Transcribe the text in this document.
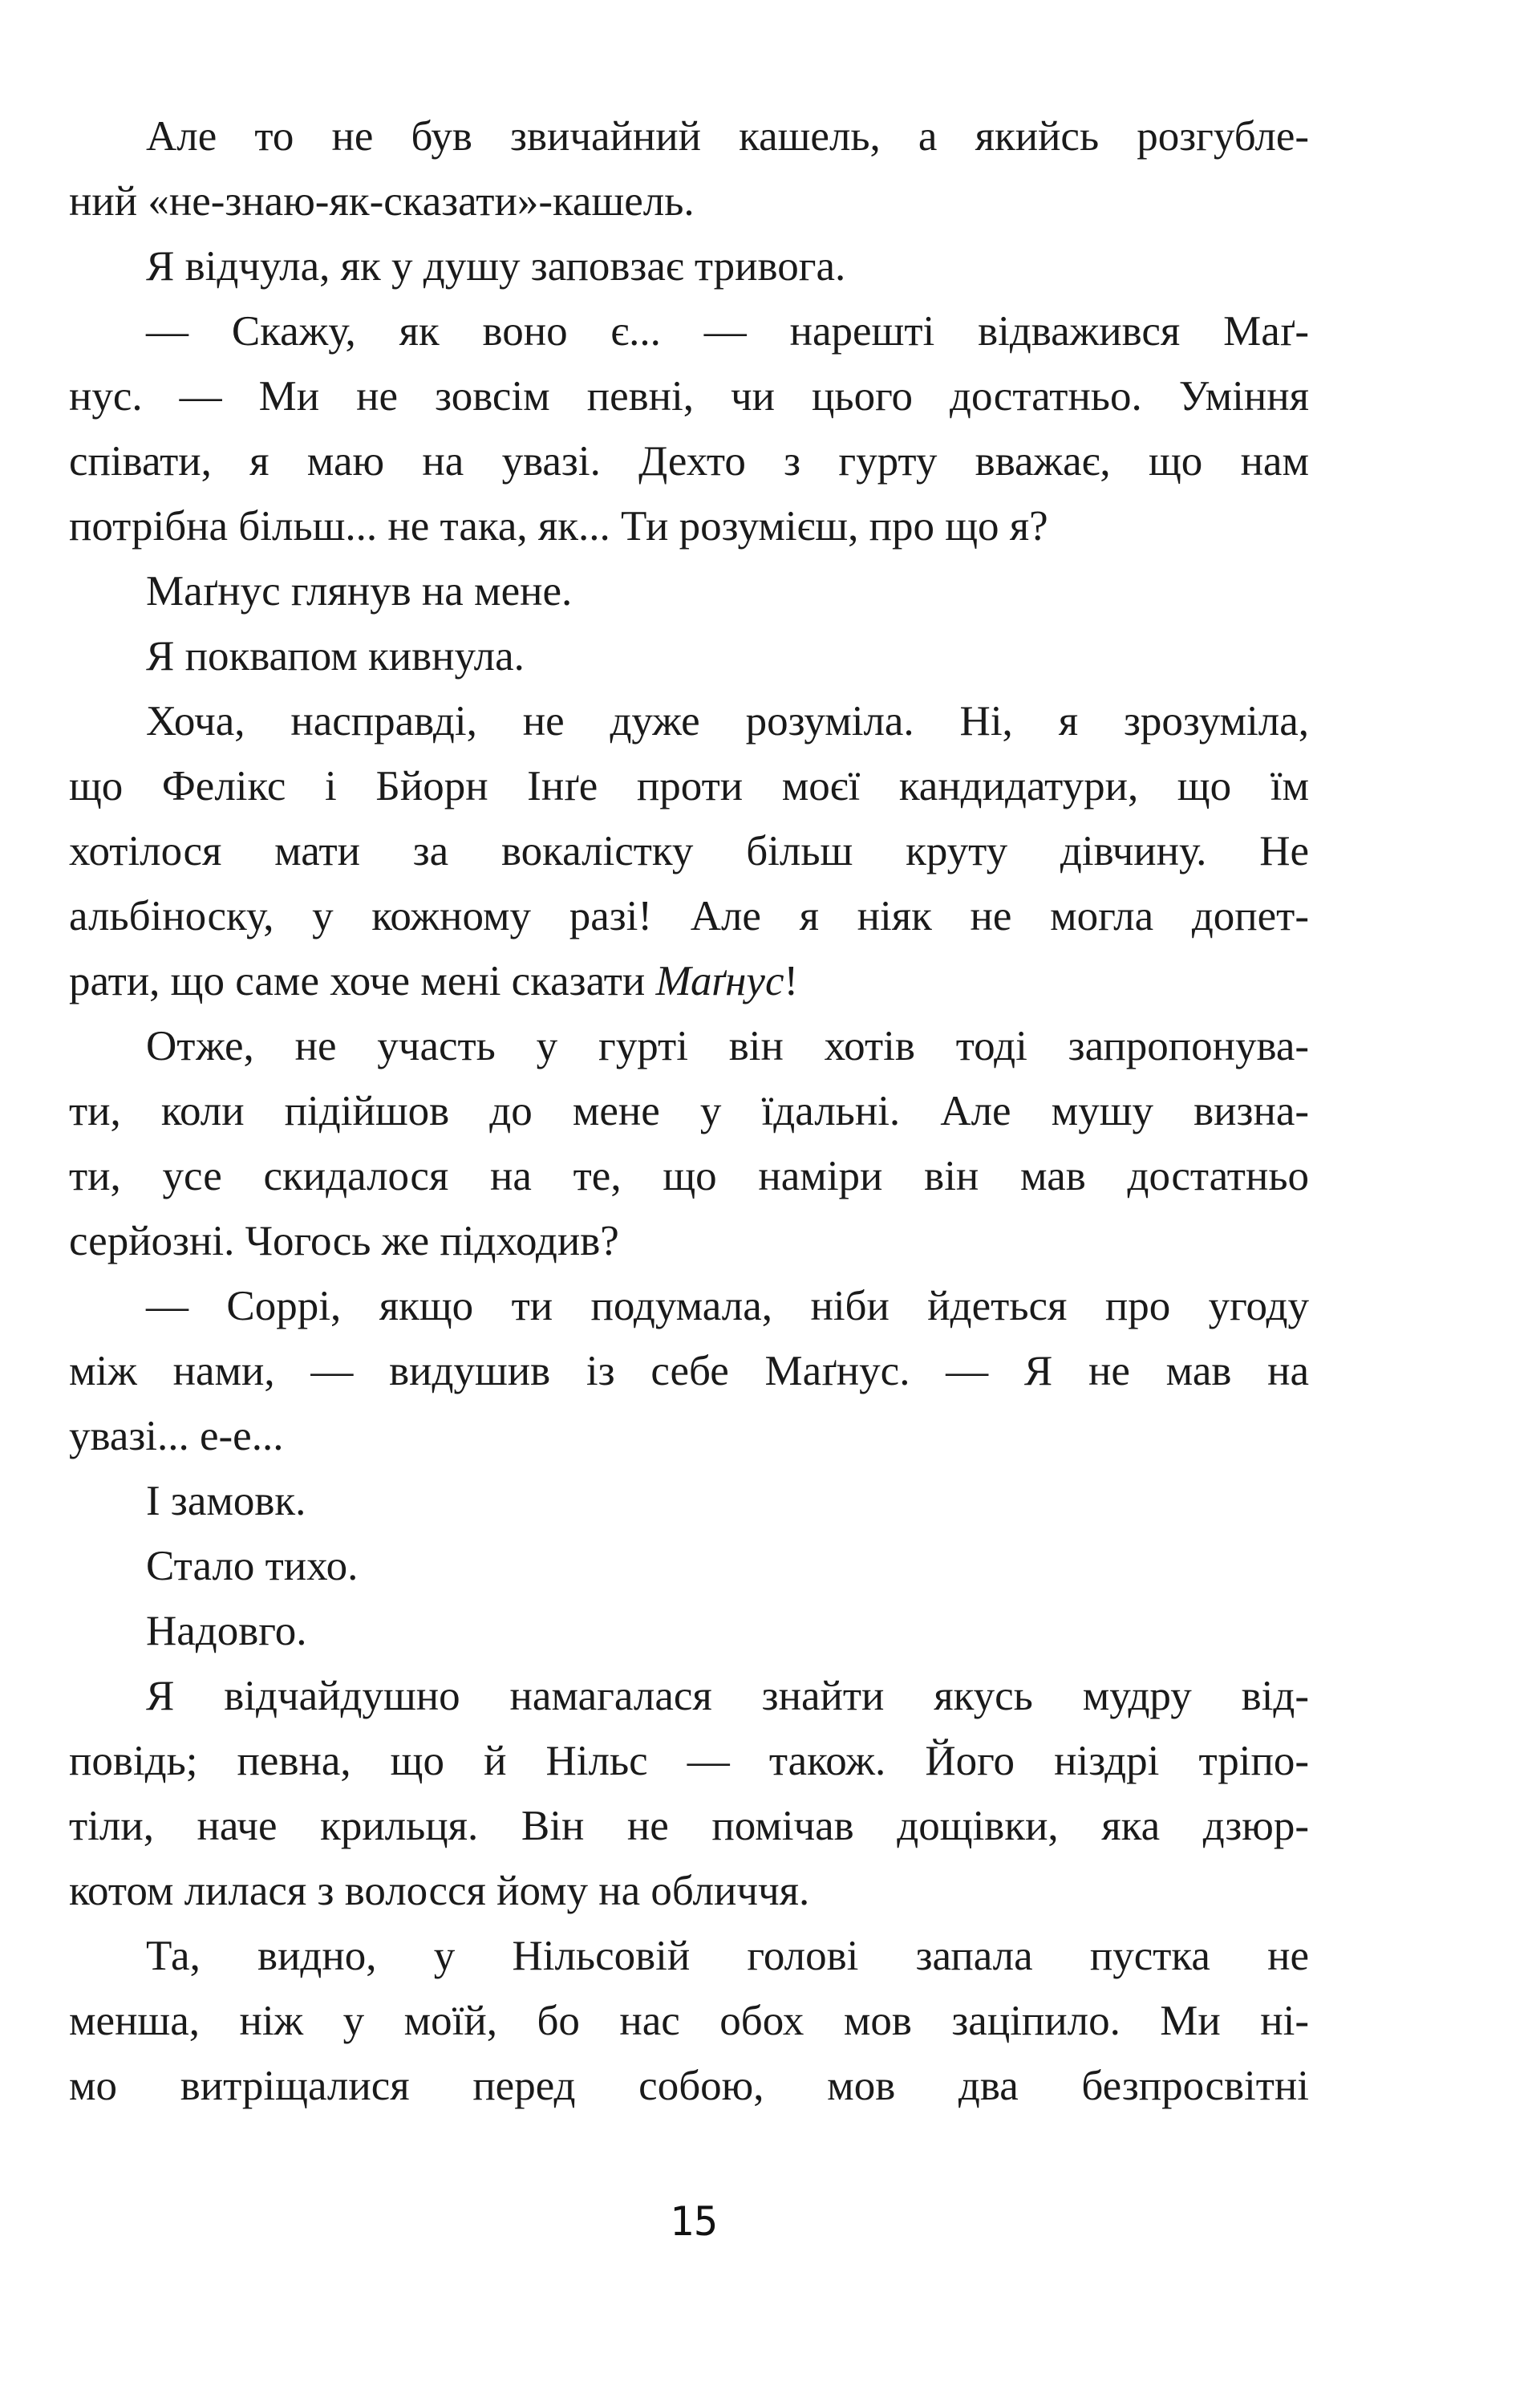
Але то не був звичайний кашель, а якийсь розгубле-
ний «не-знаю-як-сказати»-кашель.
Я відчула, як у душу заповзає тривога.
— Скажу, як воно є... — нарешті відважився Маґ-
нус. — Ми не зовсім певні, чи цього достатньо. Уміння
співати, я маю на увазі. Дехто з гурту вважає, що нам
потрібна більш... не така, як... Ти розумієш, про що я?
Маґнус глянув на мене.
Я поквапом кивнула.
Хоча, насправді, не дуже розуміла. Ні, я зрозуміла,
що Фелікс і Бйорн Інґе проти моєї кандидатури, що їм
хотілося мати за вокалістку більш круту дівчину. Не
альбіноску, у кожному разі! Але я ніяк не могла допет-
рати, що саме хоче мені сказати Маґнус!
Отже, не участь у гурті він хотів тоді запропонува-
ти, коли підійшов до мене у їдальні. Але мушу визна-
ти, усе скидалося на те, що наміри він мав достатньо
серйозні. Чогось же підходив?
— Соррі, якщо ти подумала, ніби йдеться про угоду
між нами, — видушив із себе Маґнус. — Я не мав на
увазі... е-е...
І замовк.
Стало тихо.
Надовго.
Я відчайдушно намагалася знайти якусь мудру від-
повідь; певна, що й Нільс — також. Його ніздрі тріпо-
тіли, наче крильця. Він не помічав дощівки, яка дзюр-
котом лилася з волосся йому на обличчя.
Та, видно, у Нільсовій голові запала пустка не
менша, ніж у моїй, бо нас обох мов заціпило. Ми ні-
мо витріщалися перед собою, мов два безпросвітні
15
